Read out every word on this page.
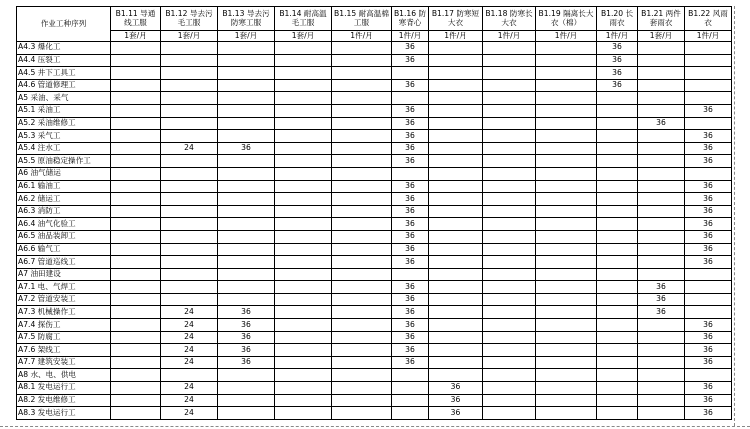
作业工种序列	B1.11 导通线工服	B1.12 导去污毛工服	B1.13 导去污防寒工服	B1.14 耐高温毛工服	B1.15 耐高温棉工服	B1.16 防寒背心	B1.17 防寒短大衣	B1.18 防寒长大衣	B1.19 隔离长大衣（棉）	B1.20 长雨衣	B1.21 两件套雨衣	B1.22 风雨衣
	1套/月	1套/月	1套/月	1套/月	1件/月	1件/月	1件/月	1件/月	1件/月	1件/月	1套/月	1件/月
A4.3 爆化工						36				36		
A4.4 压裂工						36				36		
A4.5 井下工具工										36		
A4.6 管道修理工						36				36		
A5 采油、采气												
A5.1 采油工						36						36
A5.2 采油维修工						36					36	
A5.3 采气工						36						36
A5.4 注水工		24	36			36						36
A5.5 原油稳定操作工						36						36
A6 油气储运												
A6.1 输油工						36						36
A6.2 储运工						36						36
A6.3 消防工						36						36
A6.4 油气化验工						36						36
A6.5 油品装卸工						36						36
A6.6 输气工						36						36
A6.7 管道巡线工						36						36
A7 油田建设												
A7.1 电、气焊工						36					36	
A7.2 管道安装工						36					36	
A7.3 机械操作工		24	36			36					36	
A7.4 探伤工		24	36			36						36
A7.5 防腐工		24	36			36						36
A7.6 架线工		24	36			36						36
A7.7 建筑安装工		24	36			36						36
A8 水、电、供电												
A8.1 发电运行工		24					36					36
A8.2 发电维修工		24					36					36
A8.3 发电运行工		24					36					36
